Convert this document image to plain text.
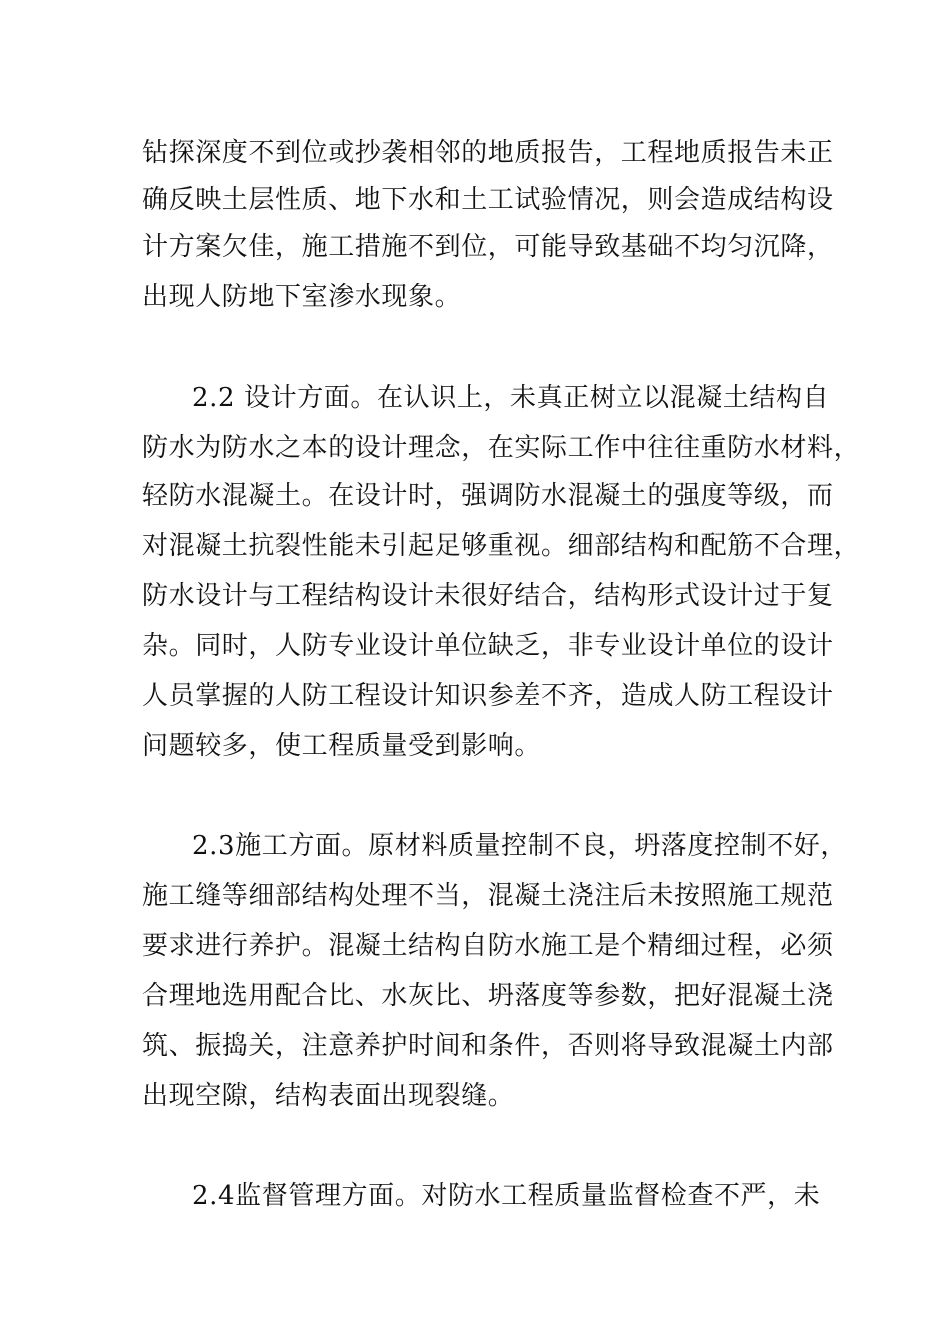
钻探深度不到位或抄袭相邻的地质报告，工程地质报告未正
确反映土层性质、地下水和土工试验情况，则会造成结构设
计方案欠佳，施工措施不到位，可能导致基础不均匀沉降，
出现人防地下室渗水现象。
2.2 设计方面。在认识上，未真正树立以混凝土结构自
防水为防水之本的设计理念，在实际工作中往往重防水材料，
轻防水混凝土。在设计时，强调防水混凝土的强度等级，而
对混凝土抗裂性能未引起足够重视。细部结构和配筋不合理，
防水设计与工程结构设计未很好结合，结构形式设计过于复
杂。同时，人防专业设计单位缺乏，非专业设计单位的设计
人员掌握的人防工程设计知识参差不齐，造成人防工程设计
问题较多，使工程质量受到影响。
2.3施工方面。原材料质量控制不良，坍落度控制不好，
施工缝等细部结构处理不当，混凝土浇注后未按照施工规范
要求进行养护。混凝土结构自防水施工是个精细过程，必须
合理地选用配合比、水灰比、坍落度等参数，把好混凝土浇
筑、振捣关，注意养护时间和条件，否则将导致混凝土内部
出现空隙，结构表面出现裂缝。
2.4监督管理方面。对防水工程质量监督检查不严，未
